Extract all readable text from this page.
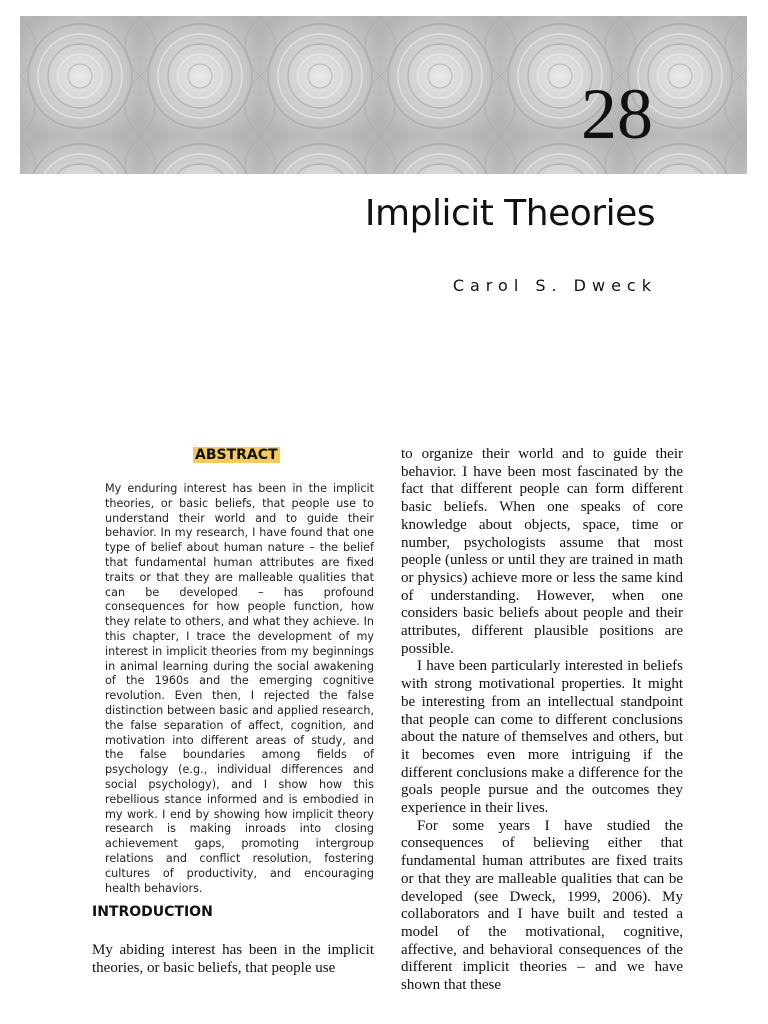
28
Implicit Theories
Carol S. Dweck
ABSTRACT

My enduring interest has been in the implicit theories, or basic beliefs, that people use to understand their world and to guide their behavior. In my research, I have found that one type of belief about human nature – the belief that fundamental human attributes are fixed traits or that they are malleable qualities that can be developed – has profound consequences for how people function, how they relate to others, and what they achieve. In this chapter, I trace the development of my interest in implicit theories from my beginnings in animal learning during the social awakening of the 1960s and the emerging cognitive revolution. Even then, I rejected the false distinction between basic and applied research, the false separation of affect, cognition, and motivation into different areas of study, and the false boundaries among fields of psychology (e.g., individual differences and social psychology), and I show how this rebellious stance informed and is embodied in my work. I end by showing how implicit theory research is making inroads into closing achievement gaps, promoting intergroup relations and conflict resolution, fostering cultures of productivity, and encouraging health behaviors.

INTRODUCTION

My abiding interest has been in the implicit theories, or basic beliefs, that people use

to organize their world and to guide their behavior. I have been most fascinated by the fact that different people can form different basic beliefs. When one speaks of core knowledge about objects, space, time or number, psychologists assume that most people (unless or until they are trained in math or physics) achieve more or less the same kind of understanding. However, when one considers basic beliefs about people and their attributes, different plausible positions are possible.

I have been particularly interested in beliefs with strong motivational properties. It might be interesting from an intellectual standpoint that people can come to different conclusions about the nature of themselves and others, but it becomes even more intriguing if the different conclusions make a difference for the goals people pursue and the outcomes they experience in their lives.

For some years I have studied the consequences of believing either that fundamental human attributes are fixed traits or that they are malleable qualities that can be developed (see Dweck, 1999, 2006). My collaborators and I have built and tested a model of the motivational, cognitive, affective, and behavioral consequences of the different implicit theories – and we have shown that these
